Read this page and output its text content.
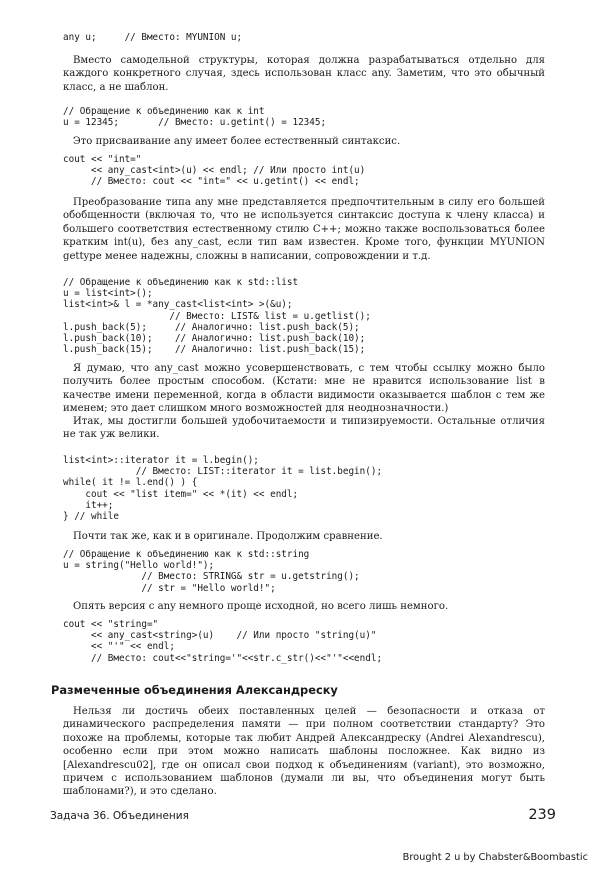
any u;     // Вместо: MYUNION u;

Вместо самодельной структуры, которая должна разрабатываться отдельно для каждого конкретного случая, здесь использован класс any. Заметим, что это обычный класс, а не шаблон.

// Обращение к объединению как к int
u = 12345;       // Вместо: u.getint() = 12345;

Это присваивание any имеет более естественный синтаксис.

cout << "int="
<< any_cast<int>(u) << endl; // Или просто int(u)
// Вместо: cout << "int=" << u.getint() << endl;

Преобразование типа any мне представляется предпочтительным в силу его большей обобщенности (включая то, что не используется синтаксис доступа к члену класса) и большего соответствия естественному стилю C++; можно также воспользоваться более кратким int(u), без any_cast, если тип вам известен. Кроме того, функции MYUNION gettype менее надежны, сложны в написании, сопровождении и т.д.

// Обращение к объединению как к std::list
u = list<int>();
list<int>& l = *any_cast<list<int> >(&u);
// Вместо: LIST& list = u.getlist();
l.push_back(5);     // Аналогично: list.push_back(5);
l.push_back(10);    // Аналогично: list.push_back(10);
l.push_back(15);    // Аналогично: list.push_back(15);

Я думаю, что any_cast можно усовершенствовать, с тем чтобы ссылку можно было получить более простым способом. (Кстати: мне не нравится использование list в качестве имени переменной, когда в области видимости оказывается шаблон с тем же именем; это дает слишком много возможностей для неоднозначности.)

Итак, мы достигли большей удобочитаемости и типизируемости. Остальные отличия не так уж велики.

list<int>::iterator it = l.begin();
// Вместо: LIST::iterator it = list.begin();
while( it != l.end() ) {
cout << "list item=" << *(it) << endl;
it++;
} // while

Почти так же, как и в оригинале. Продолжим сравнение.

// Обращение к объединению как к std::string
u = string("Hello world!");
// Вместо: STRING& str = u.getstring();
// str = "Hello world!";

Опять версия с any немного проще исходной, но всего лишь немного.

cout << "string="
<< any_cast<string>(u)    // Или просто "string(u)"
<< "'" << endl;
// Вместо: cout<<"string='"<<str.c_str()<<"'"<<endl;
Размеченные объединения Александреску

Нельзя ли достичь обеих поставленных целей — безопасности и отказа от динамического распределения памяти — при полном соответствии стандарту? Это похоже на проблемы, которые так любит Андрей Александреску (Andrei Alexandrescu), особенно если при этом можно написать шаблоны посложнее. Как видно из [Alexandrescu02], где он описал свои подход к объединениям (variant), это возможно, причем с использованием шаблонов (думали ли вы, что объединения могут быть шаблонами?), и это сделано.

Задача 36. Объединения	239
Brought 2 u by Chabster&Boombastic
